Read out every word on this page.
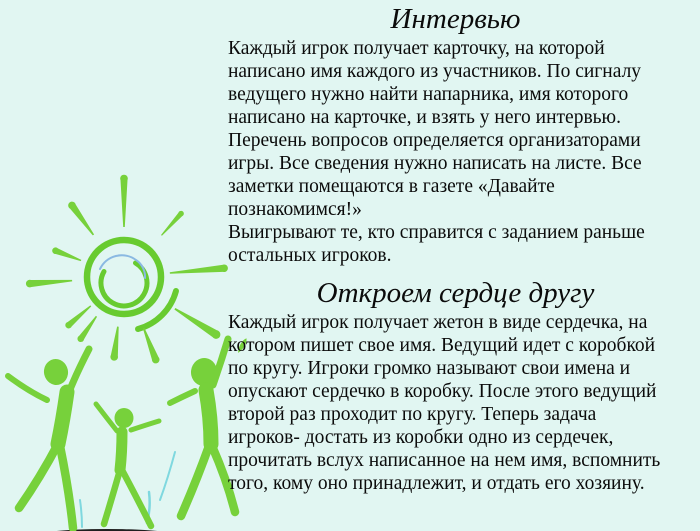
Интервью
Каждый игрок получает карточку, на которой
написано имя каждого из участников. По сигналу
ведущего нужно найти напарника, имя которого
написано на карточке, и взять у него интервью.
Перечень вопросов определяется организаторами
игры. Все сведения нужно написать на листе. Все
заметки помещаются в газете «Давайте
познакомимся!»
Выигрывают те, кто справится с заданием раньше
остальных игроков.
Откроем сердце другу
Каждый игрок получает жетон в виде сердечка, на
котором пишет свое имя. Ведущий идет с коробкой
по кругу. Игроки громко называют свои имена и
опускают сердечко в коробку. После этого ведущий
второй раз проходит по кругу. Теперь задача
игроков- достать из коробки одно из сердечек,
прочитать вслух написанное на нем имя, вспомнить
того, кому оно принадлежит, и отдать его хозяину.
